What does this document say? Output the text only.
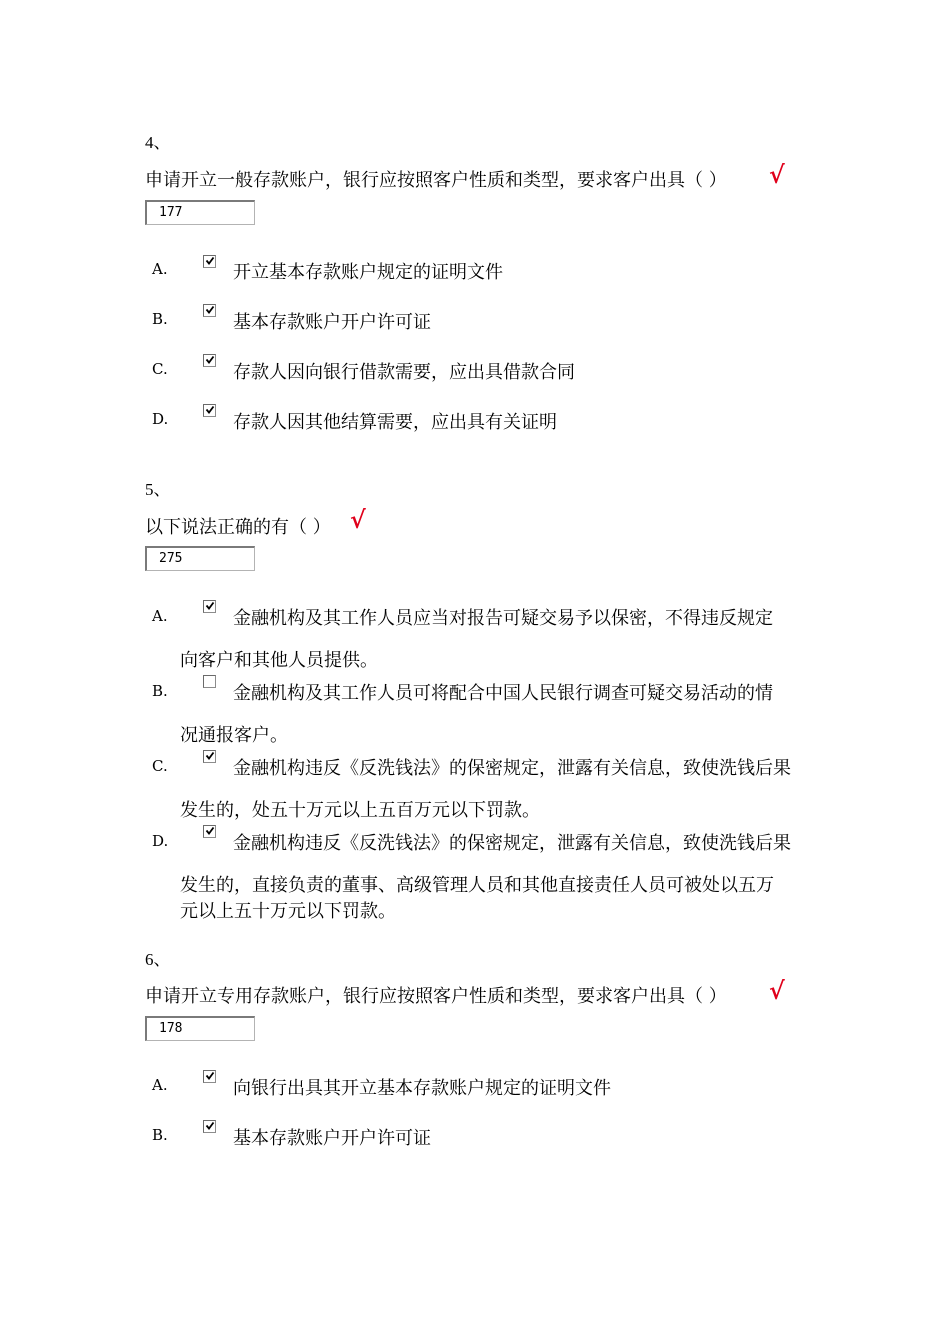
4、
申请开立一般存款账户，银行应按照客户性质和类型，要求客户出具（ ） √
177
A.	开立基本存款账户规定的证明文件
B.	基本存款账户开户许可证
C.	存款人因向银行借款需要，应出具借款合同
D.	存款人因其他结算需要，应出具有关证明
5、
以下说法正确的有（ ） √
275
A.	金融机构及其工作人员应当对报告可疑交易予以保密，不得违反规定
向客户和其他人员提供。
B.	金融机构及其工作人员可将配合中国人民银行调查可疑交易活动的情
况通报客户。
C.	金融机构违反《反洗钱法》的保密规定，泄露有关信息，致使洗钱后果
发生的，处五十万元以上五百万元以下罚款。
D.	金融机构违反《反洗钱法》的保密规定，泄露有关信息，致使洗钱后果
发生的，直接负责的董事、高级管理人员和其他直接责任人员可被处以五万
元以上五十万元以下罚款。
6、
申请开立专用存款账户，银行应按照客户性质和类型，要求客户出具（ ） √
178
A.	向银行出具其开立基本存款账户规定的证明文件
B.	基本存款账户开户许可证
